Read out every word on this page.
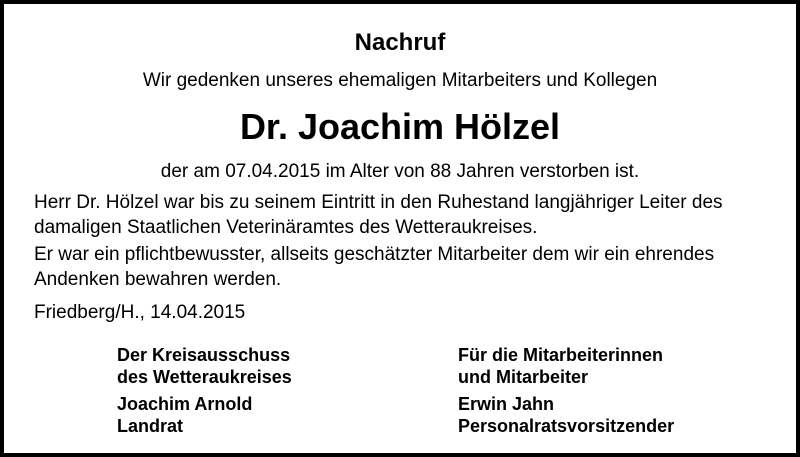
Nachruf
Wir gedenken unseres ehemaligen Mitarbeiters und Kollegen
Dr. Joachim Hölzel
der am 07.04.2015 im Alter von 88 Jahren verstorben ist.

Herr Dr. Hölzel war bis zu seinem Eintritt in den Ruhestand langjähriger Leiter des damaligen Staatlichen Veterinäramtes des Wetteraukreises.

Er war ein pflichtbewusster, allseits geschätzter Mitarbeiter dem wir ein ehrendes Andenken bewahren werden.

Friedberg/H., 14.04.2015
Der Kreisausschuss
des Wetteraukreises
Joachim Arnold
Landrat
Für die Mitarbeiterinnen
und Mitarbeiter
Erwin Jahn
Personalratsvorsitzender
